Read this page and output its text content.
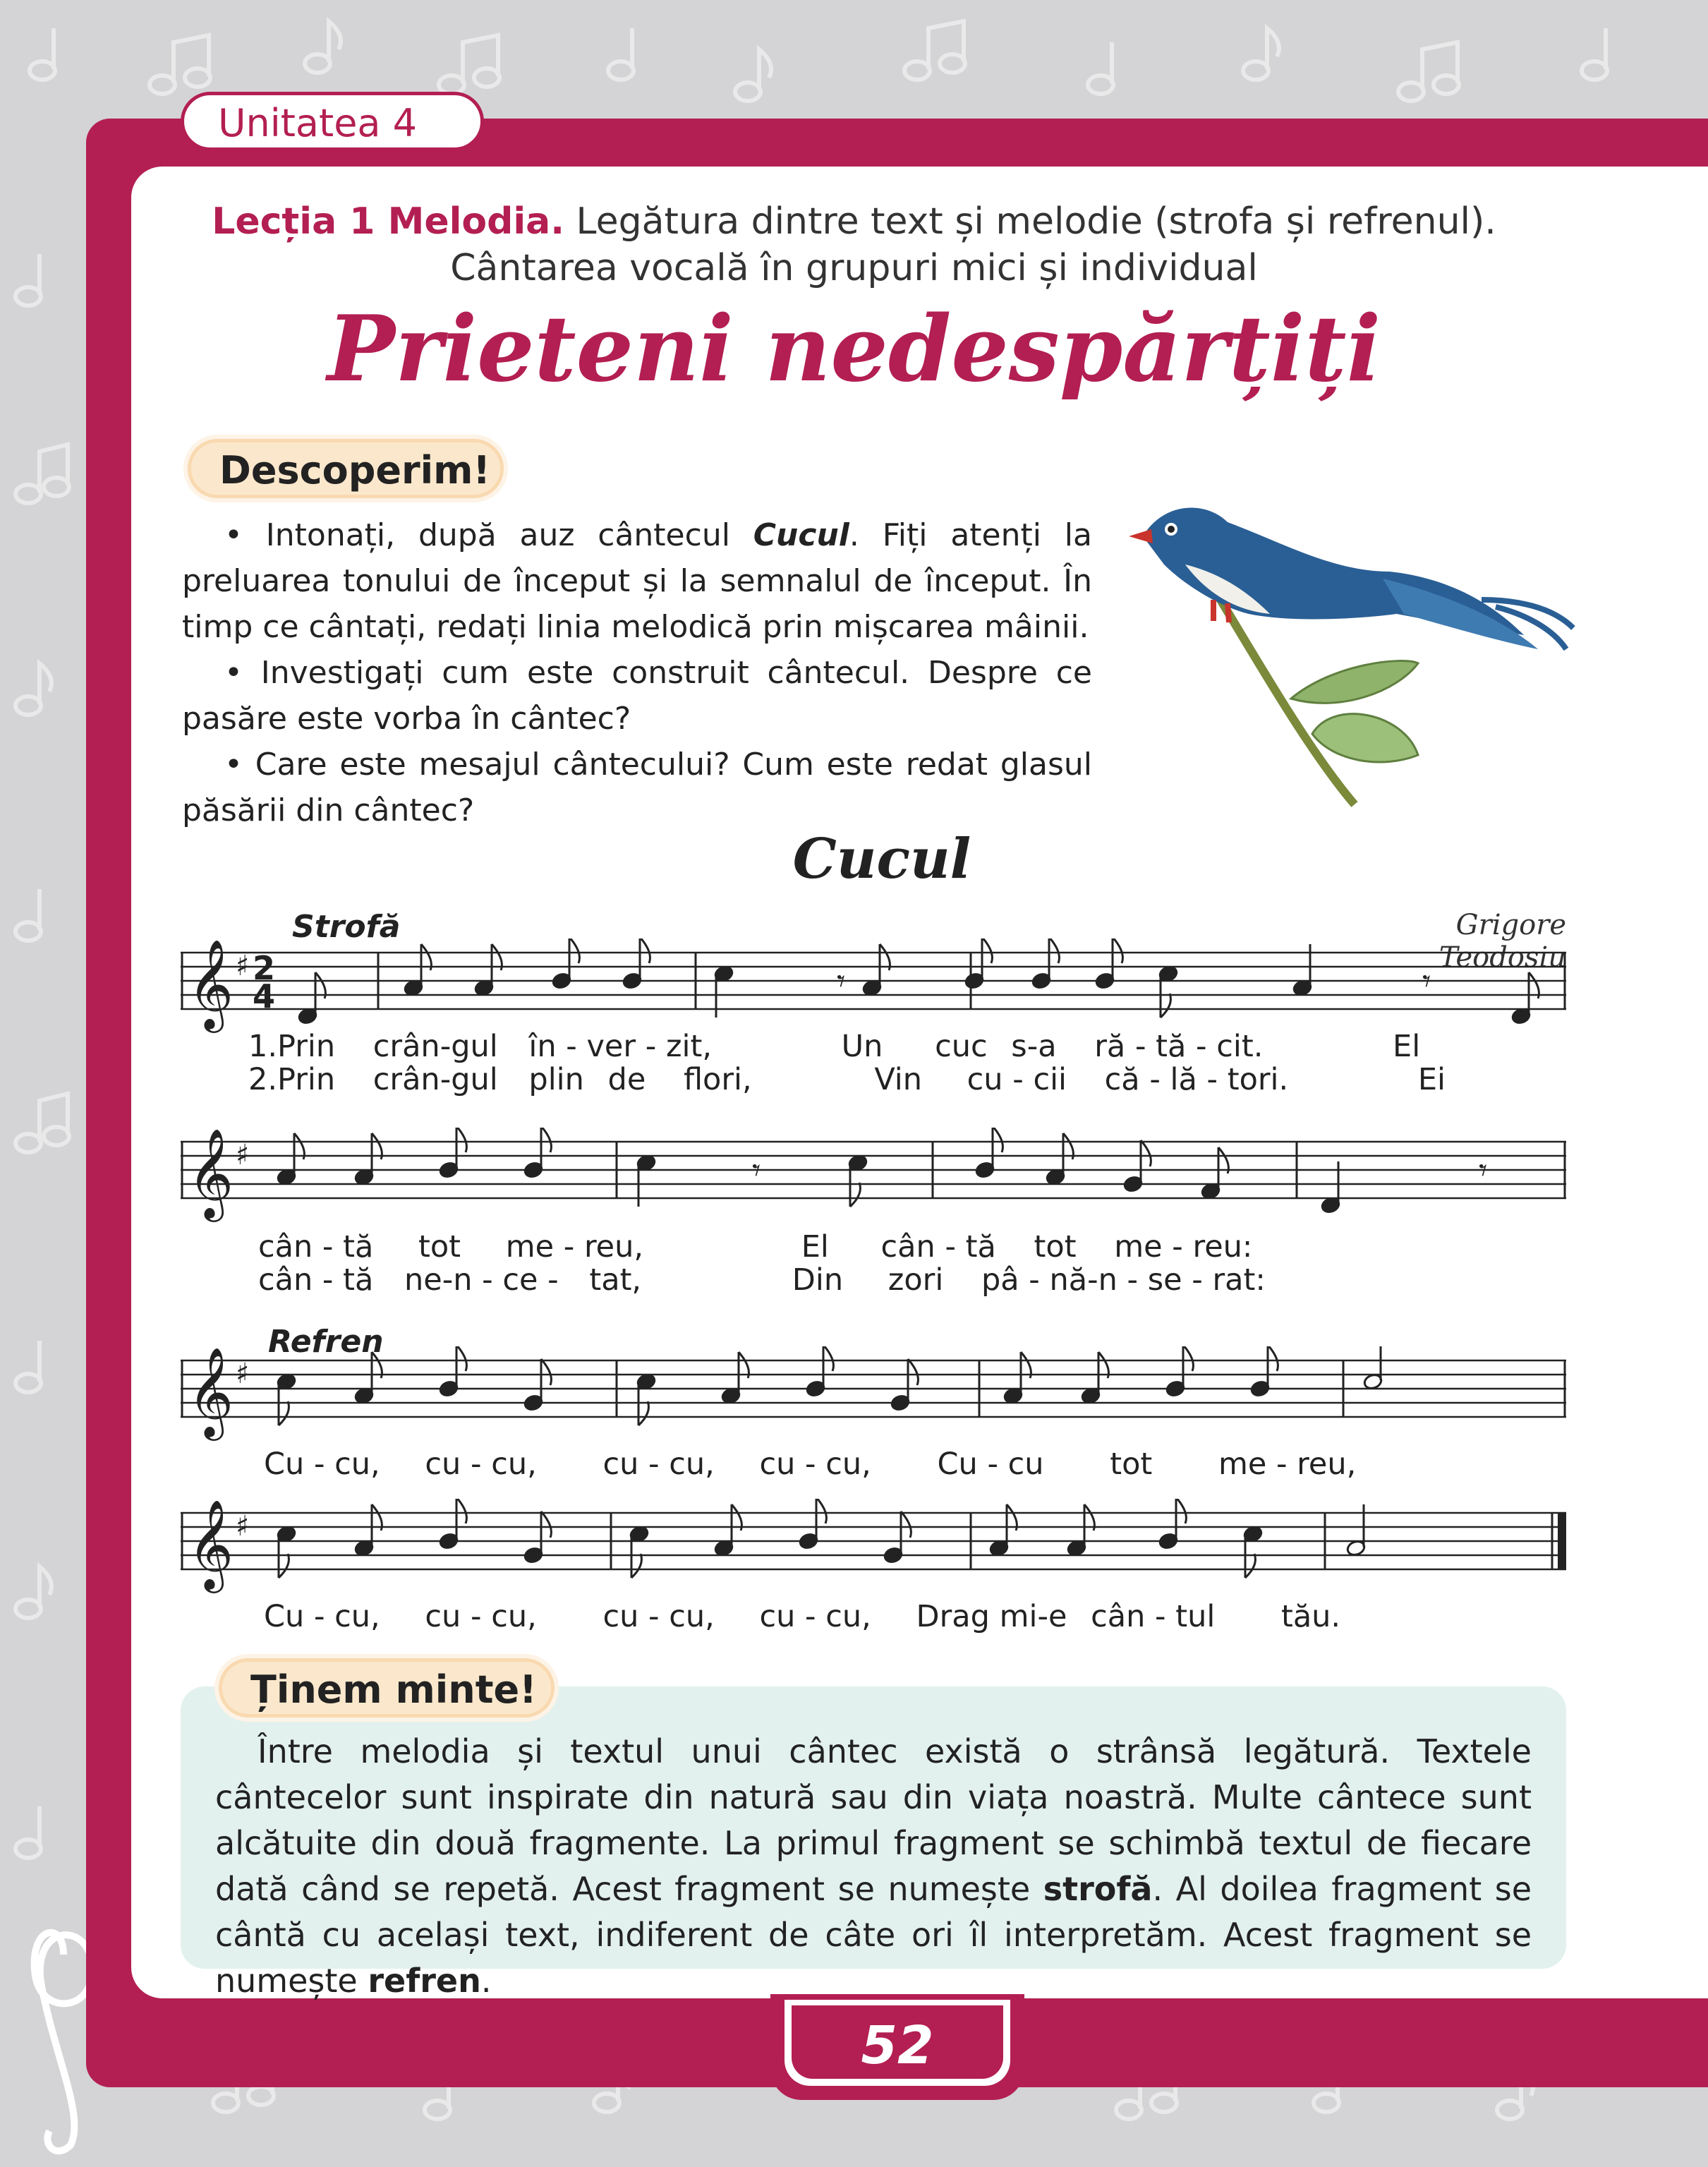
Unitatea 4
Lecția 1 Melodia. Legătura dintre text și melodie (strofa și refrenul).
Cântarea vocală în grupuri mici și individual
Prieteni nedespărțiți
Descoperim!
• Intonați, după auz cântecul Cucul. Fiți atenți la preluarea tonului de început și la semnalul de început. În timp ce cântați, redați linia melodică prin mișcarea mâinii.
• Investigați cum este construit cântecul. Despre ce pasăre este vorba în cântec?
• Care este mesajul cântecului? Cum este redat glasul păsării din cântec?
Cucul
Grigore Teodosiu
Strofă
Refren
𝄞 ♯ 2
4	𝄾	𝄾
1.Prin crân-gul în - ver - zit,	Un cuc s-a ră - tă - cit.	El
2.Prin crân-gul plin de flori,	Vin cu - cii că - lă - tori.	Ei
𝄞 ♯	𝄾	𝄾
cân - tă tot me - reu,	El cân - tă tot me - reu:
cân - tă ne-n - ce - tat,	Din zori pâ - nă-n - se - rat:
𝄞 ♯
Cu - cu, cu - cu, cu - cu, cu - cu, Cu - cu tot me - reu,
𝄞 ♯
Cu - cu, cu - cu, cu - cu, cu - cu, Drag mi-e cân - tul tău.
Ținem minte!
Între melodia și textul unui cântec există o strânsă legătură. Textele cântecelor sunt inspirate din natură sau din viața noastră. Multe cântece sunt alcătuite din două fragmente. La primul fragment se schimbă textul de fiecare dată când se repetă. Acest fragment se numește strofă. Al doilea fragment se cântă cu același text, indiferent de câte ori îl interpretăm. Acest fragment se numește refren.
52
